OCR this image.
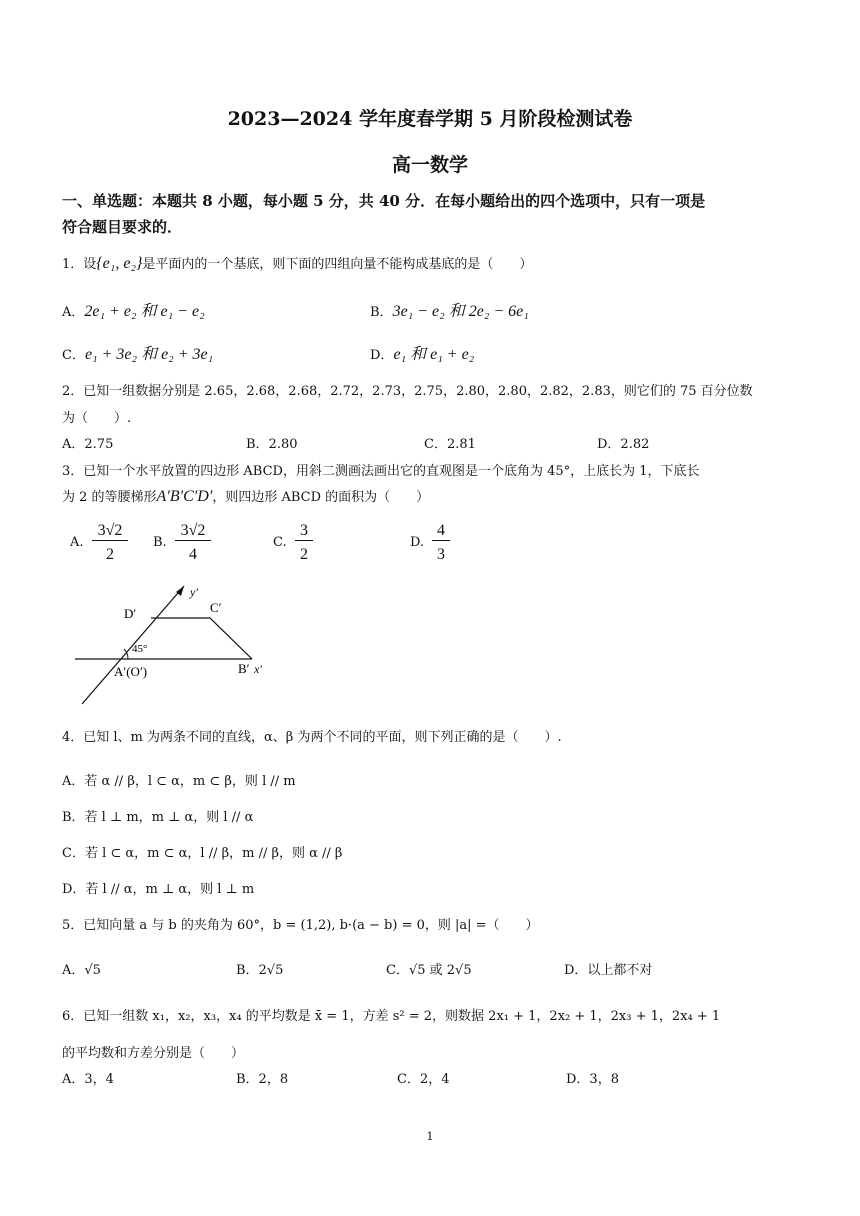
2023—2024 学年度春学期 5 月阶段检测试卷
高一数学
一、单选题：本题共 8 小题，每小题 5 分，共 40 分．在每小题给出的四个选项中，只有一项是
符合题目要求的．
1．设{e₁, e₂}是平面内的一个基底，则下面的四组向量不能构成基底的是（　　）
A．2e₁ + e₂ 和 e₁ − e₂	B．3e₁ − e₂ 和 2e₂ − 6e₁
C．e₁ + 3e₂ 和 e₂ + 3e₁	D．e₁ 和 e₁ + e₂
2．已知一组数据分别是 2.65，2.68，2.68，2.72，2.73，2.75，2.80，2.80，2.82，2.83，则它们的 75 百分位数
为（　　）.
A．2.75	B．2.80	C．2.81	D．2.82
3．已知一个水平放置的四边形 ABCD，用斜二测画法画出它的直观图是一个底角为 45°，上底长为 1，下底长
为 2 的等腰梯形A′B′C′D′，则四边形 ABCD 的面积为（　　）
A.
3√2
2
B.
3√2
4
C.
3
2
D.
4
3
y′
D′	C′
45°
A′(O′)	B′ x′
4．已知 l、m 为两条不同的直线，α、β 为两个不同的平面，则下列正确的是（　　）.
A．若 α // β，l ⊂ α，m ⊂ β，则 l // m
B．若 l ⊥ m，m ⊥ α，则 l // α
C．若 l ⊂ α，m ⊂ α，l // β，m // β，则 α // β
D．若 l // α，m ⊥ α，则 l ⊥ m
5．已知向量 a 与 b 的夹角为 60°，b = (1,2), b·(a − b) = 0，则 |a| =（　　）
A．√5	B．2√5	C．√5 或 2√5	D．以上都不对
6．已知一组数 x₁，x₂，x₃，x₄ 的平均数是 x̄ = 1，方差 s² = 2，则数据 2x₁ + 1，2x₂ + 1，2x₃ + 1，2x₄ + 1
的平均数和方差分别是（　　）
A．3，4	B．2，8	C．2，4	D．3，8
1
